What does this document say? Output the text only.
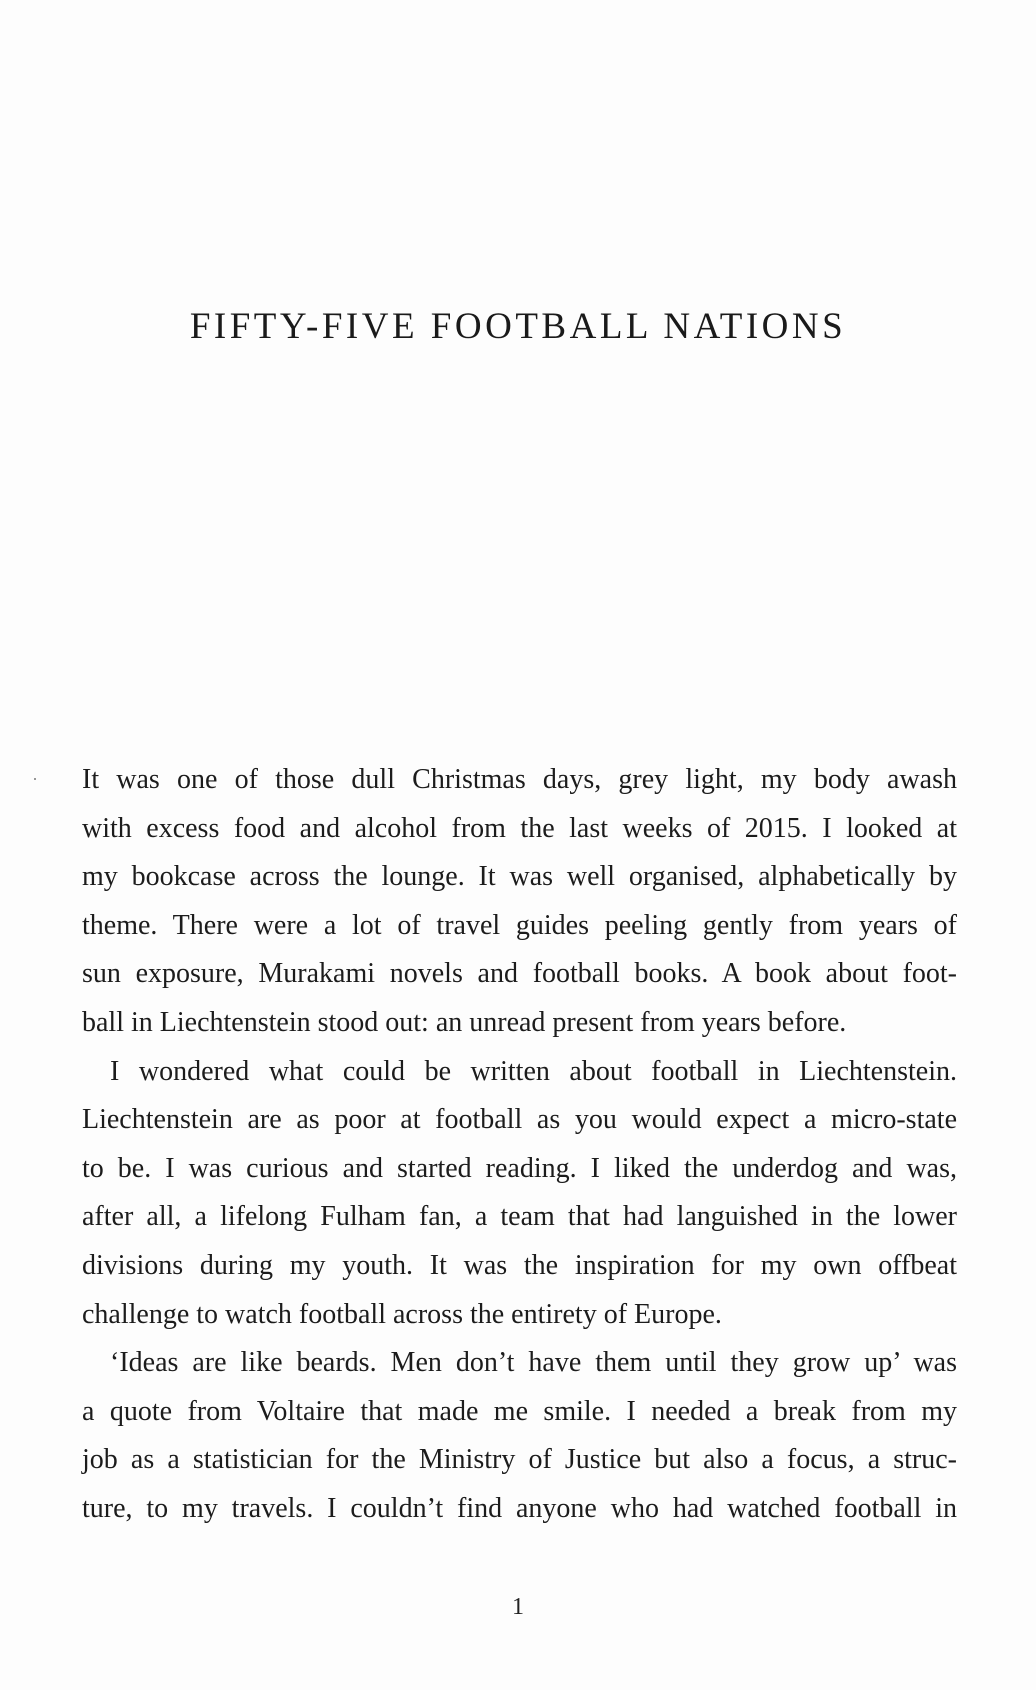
FIFTY-FIVE FOOTBALL NATIONS
It was one of those dull Christmas days, grey light, my body awash
with excess food and alcohol from the last weeks of 2015. I looked at
my bookcase across the lounge. It was well organised, alphabetically by
theme. There were a lot of travel guides peeling gently from years of
sun exposure, Murakami novels and football books. A book about foot-
ball in Liechtenstein stood out: an unread present from years before.
I wondered what could be written about football in Liechtenstein.
Liechtenstein are as poor at football as you would expect a micro-state
to be. I was curious and started reading. I liked the underdog and was,
after all, a lifelong Fulham fan, a team that had languished in the lower
divisions during my youth. It was the inspiration for my own offbeat
challenge to watch football across the entirety of Europe.
‘Ideas are like beards. Men don’t have them until they grow up’ was
a quote from Voltaire that made me smile. I needed a break from my
job as a statistician for the Ministry of Justice but also a focus, a struc-
ture, to my travels. I couldn’t find anyone who had watched football in
1
